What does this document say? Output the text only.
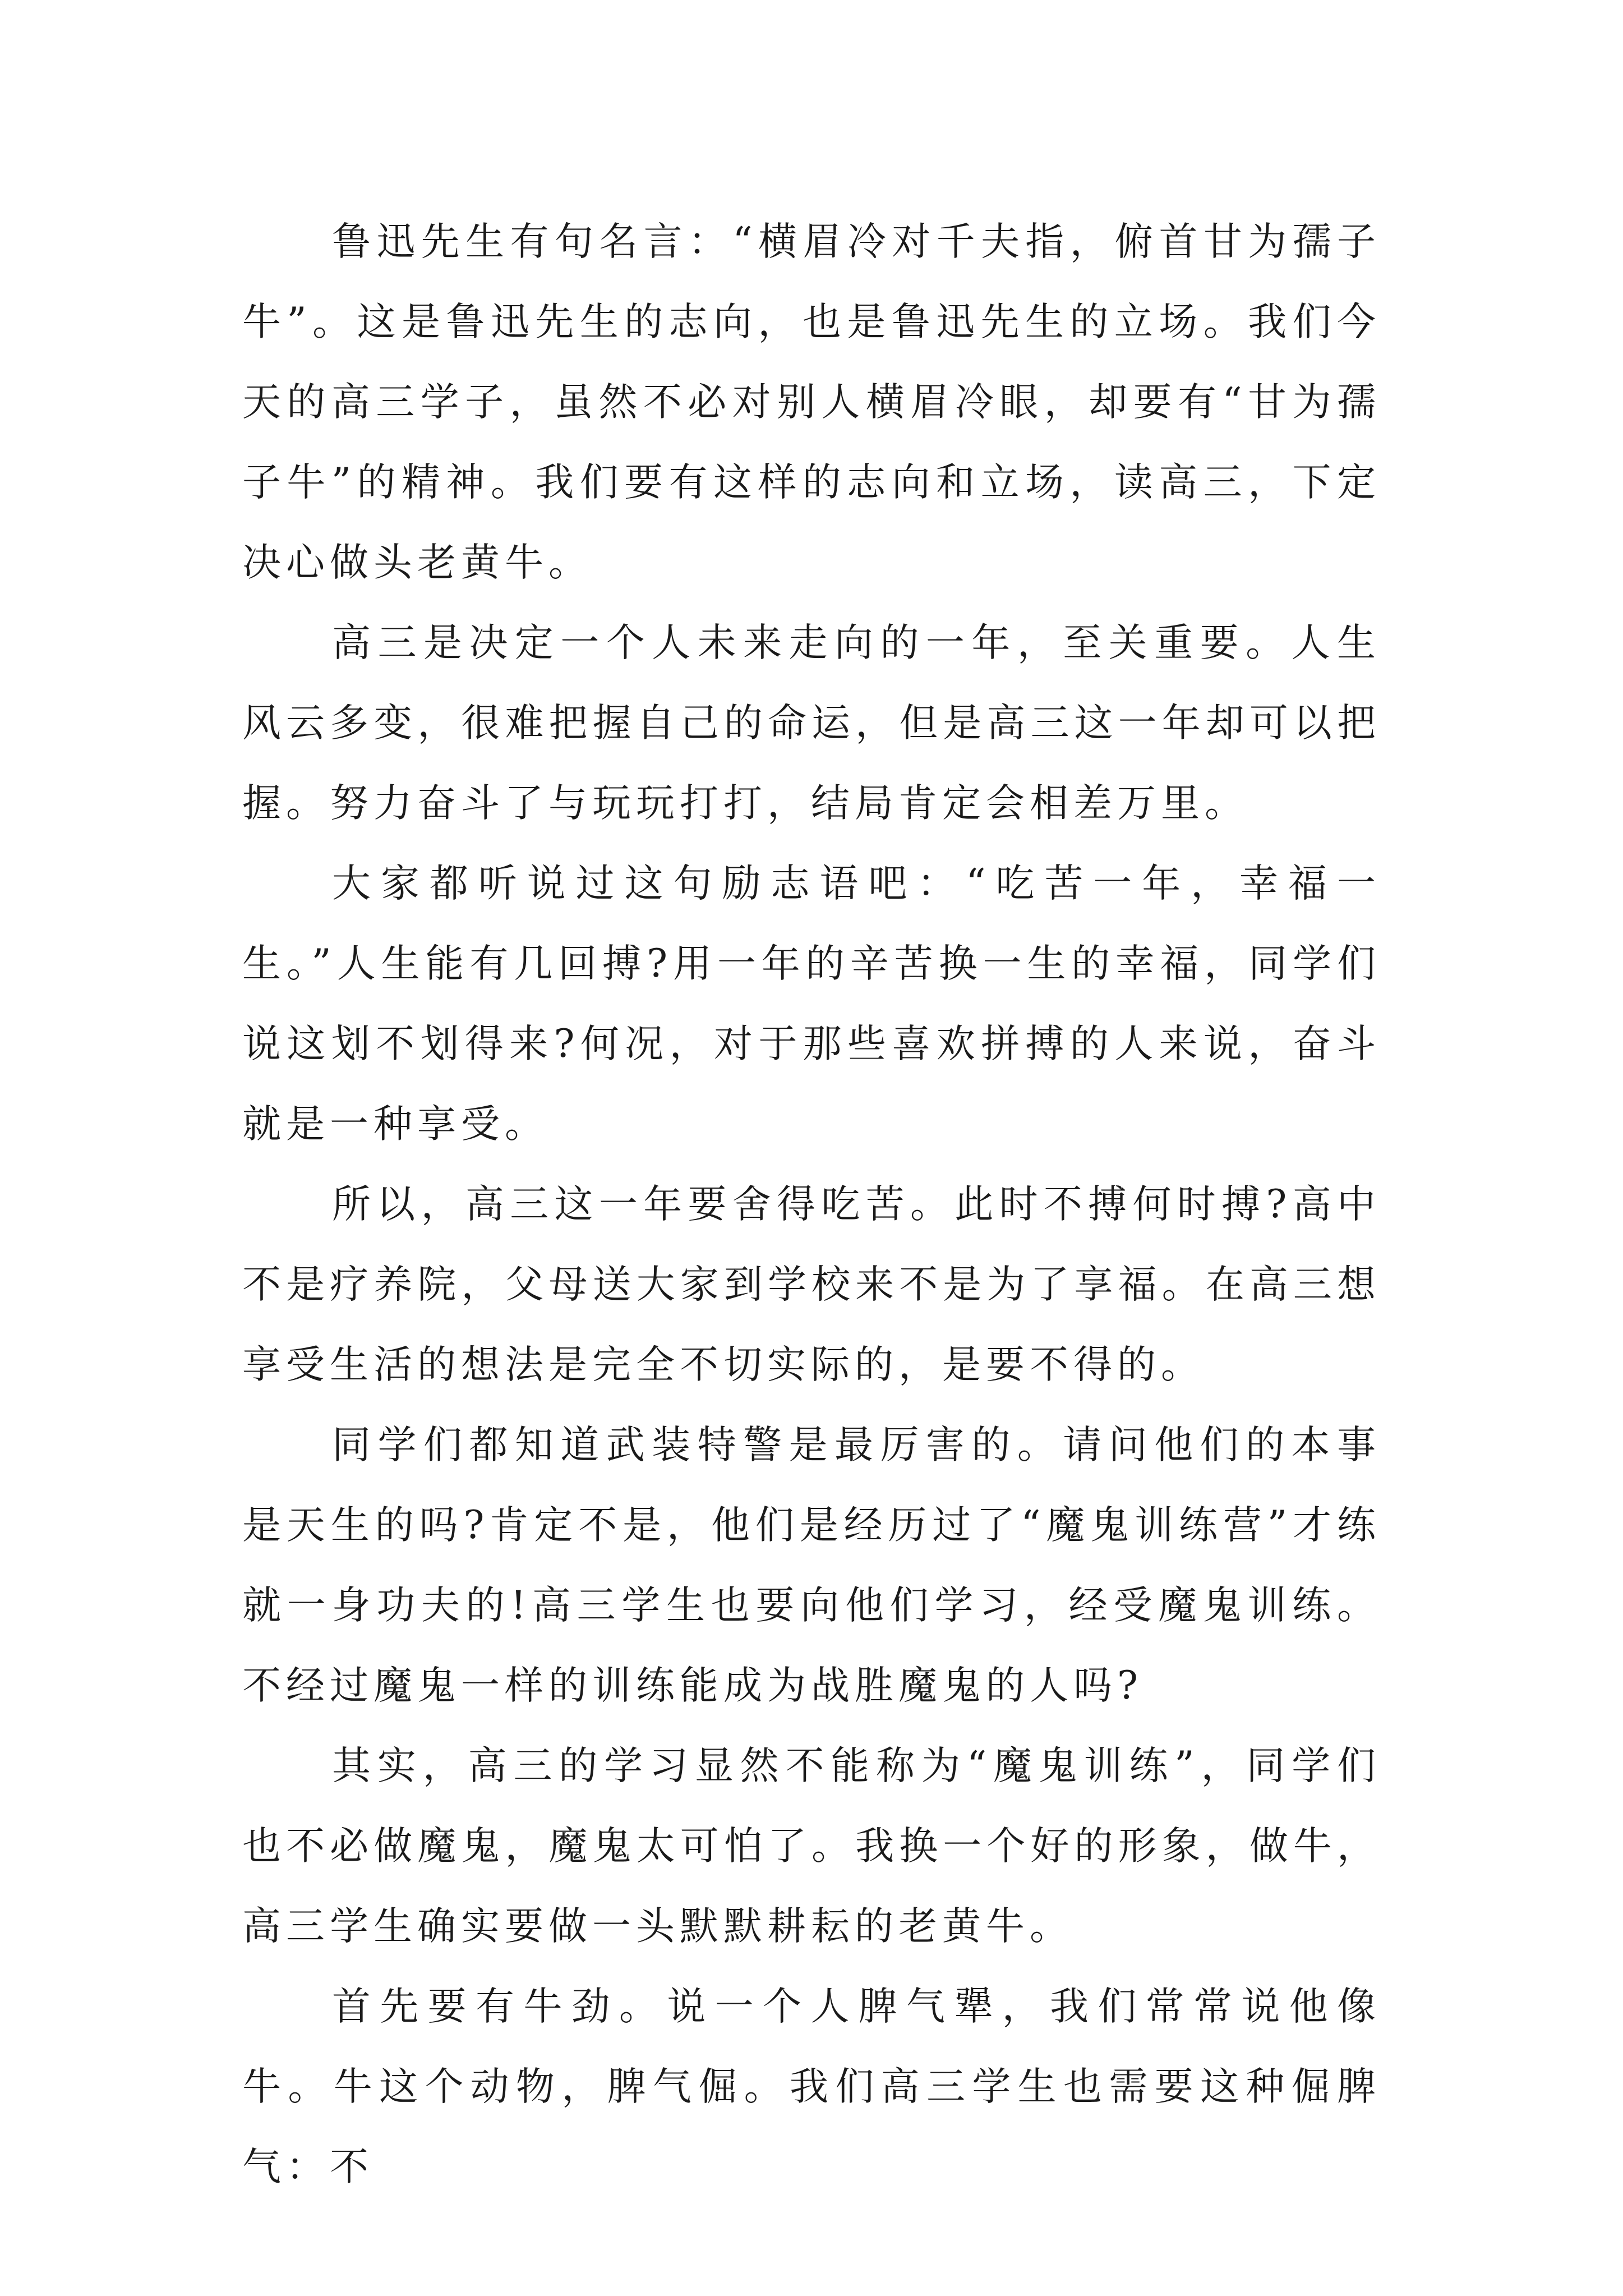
鲁迅先生有句名言：“横眉冷对千夫指，俯首甘为孺子牛”。这是鲁迅先生的志向，也是鲁迅先生的立场。我们今天的高三学子，虽然不必对别人横眉冷眼，却要有“甘为孺子牛”的精神。我们要有这样的志向和立场，读高三，下定决心做头老黄牛。

高三是决定一个人未来走向的一年，至关重要。人生风云多变，很难把握自己的命运，但是高三这一年却可以把握。努力奋斗了与玩玩打打，结局肯定会相差万里。

大家都听说过这句励志语吧：“吃苦一年，幸福一生。”人生能有几回搏?用一年的辛苦换一生的幸福，同学们说这划不划得来?何况，对于那些喜欢拼搏的人来说，奋斗就是一种享受。

所以，高三这一年要舍得吃苦。此时不搏何时搏?高中不是疗养院，父母送大家到学校来不是为了享福。在高三想享受生活的想法是完全不切实际的，是要不得的。

同学们都知道武装特警是最厉害的。请问他们的本事是天生的吗?肯定不是，他们是经历过了“魔鬼训练营”才练就一身功夫的!高三学生也要向他们学习，经受魔鬼训练。不经过魔鬼一样的训练能成为战胜魔鬼的人吗?

其实，高三的学习显然不能称为“魔鬼训练”，同学们也不必做魔鬼，魔鬼太可怕了。我换一个好的形象，做牛，高三学生确实要做一头默默耕耘的老黄牛。

首先要有牛劲。说一个人脾气犟，我们常常说他像牛。牛这个动物，脾气倔。我们高三学生也需要这种倔脾气：不
